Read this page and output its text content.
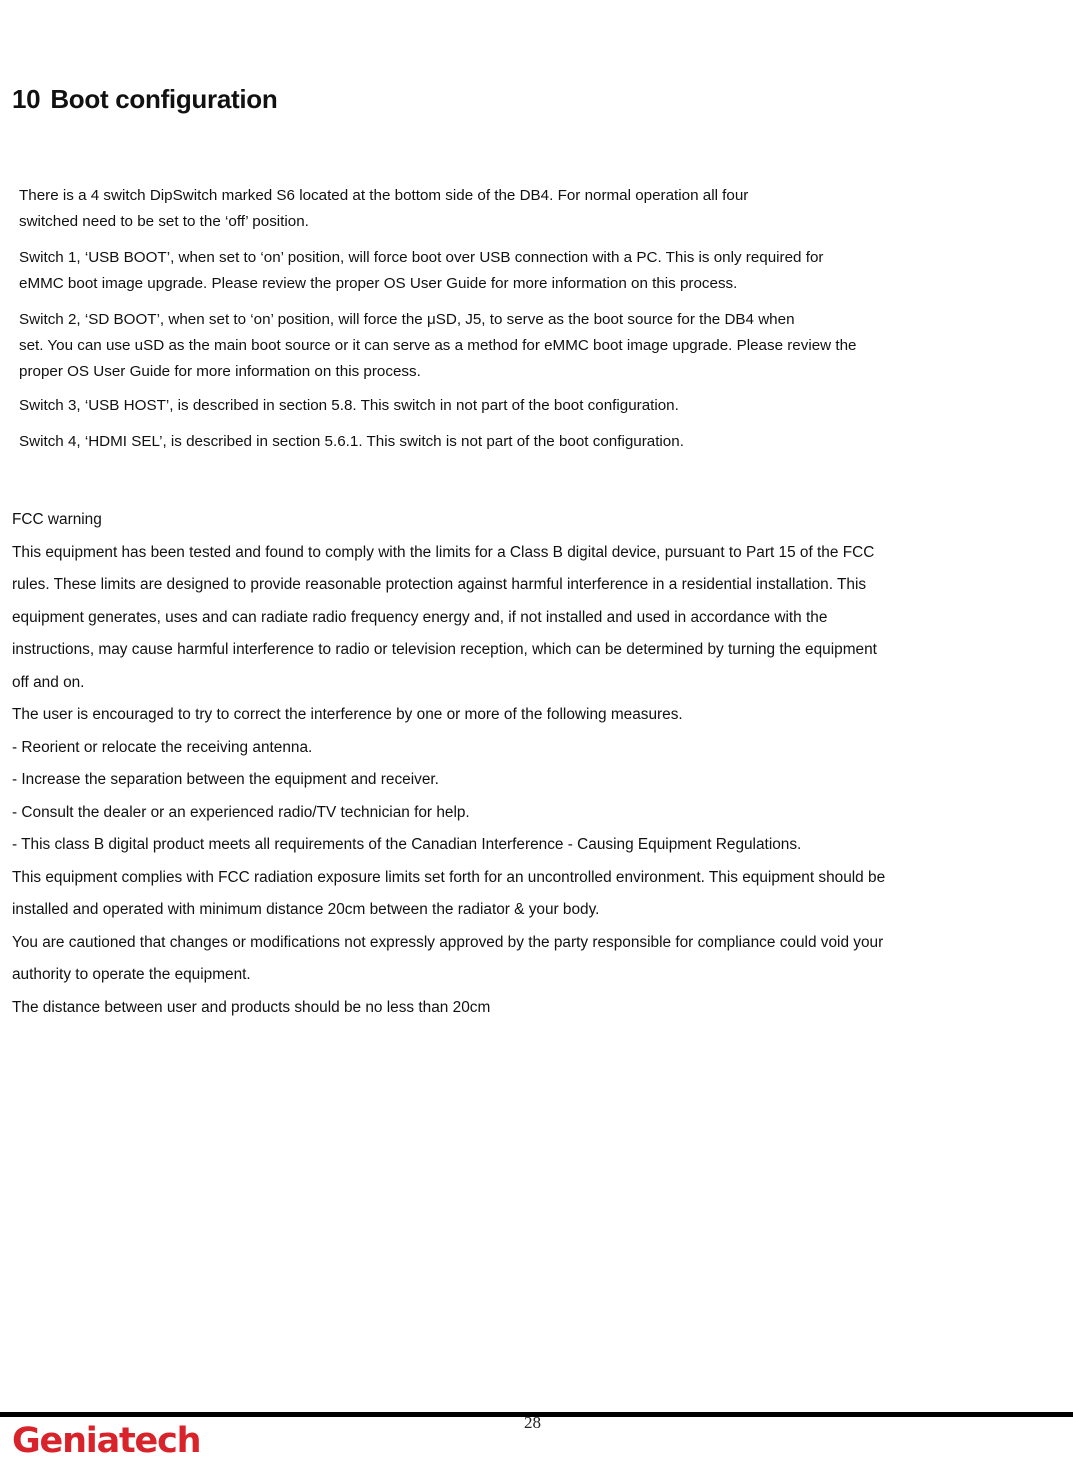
10 Boot configuration

There is a 4 switch DipSwitch marked S6 located at the bottom side of the DB4. For normal operation all four

switched need to be set to the ‘off’ position.

Switch 1, ‘USB BOOT’, when set to ‘on’ position, will force boot over USB connection with a PC. This is only required for

eMMC boot image upgrade. Please review the proper OS User Guide for more information on this process.

Switch 2, ‘SD BOOT’, when set to ‘on’ position, will force the μSD, J5, to serve as the boot source for the DB4 when

set. You can use uSD as the main boot source or it can serve as a method for eMMC boot image upgrade. Please review the

proper OS User Guide for more information on this process.

Switch 3, ‘USB HOST’, is described in section 5.8. This switch in not part of the boot configuration.

Switch 4, ‘HDMI SEL’, is described in section 5.6.1. This switch is not part of the boot configuration.

FCC warning

This equipment has been tested and found to comply with the limits for a Class B digital device, pursuant to Part 15 of the FCC

rules. These limits are designed to provide reasonable protection against harmful interference in a residential installation. This

equipment generates, uses and can radiate radio frequency energy and, if not installed and used in accordance with the

instructions, may cause harmful interference to radio or television reception, which can be determined by turning the equipment

off and on.

The user is encouraged to try to correct the interference by one or more of the following measures.

- Reorient or relocate the receiving antenna.

- Increase the separation between the equipment and receiver.

- Consult the dealer or an experienced radio/TV technician for help.

- This class B digital product meets all requirements of the Canadian Interference - Causing Equipment Regulations.

This equipment complies with FCC radiation exposure limits set forth for an uncontrolled environment. This equipment should be

installed and operated with minimum distance 20cm between the radiator & your body.

You are cautioned that changes or modifications not expressly approved by the party responsible for compliance could void your

authority to operate the equipment.

The distance between user and products should be no less than 20cm

28
Geniatech
